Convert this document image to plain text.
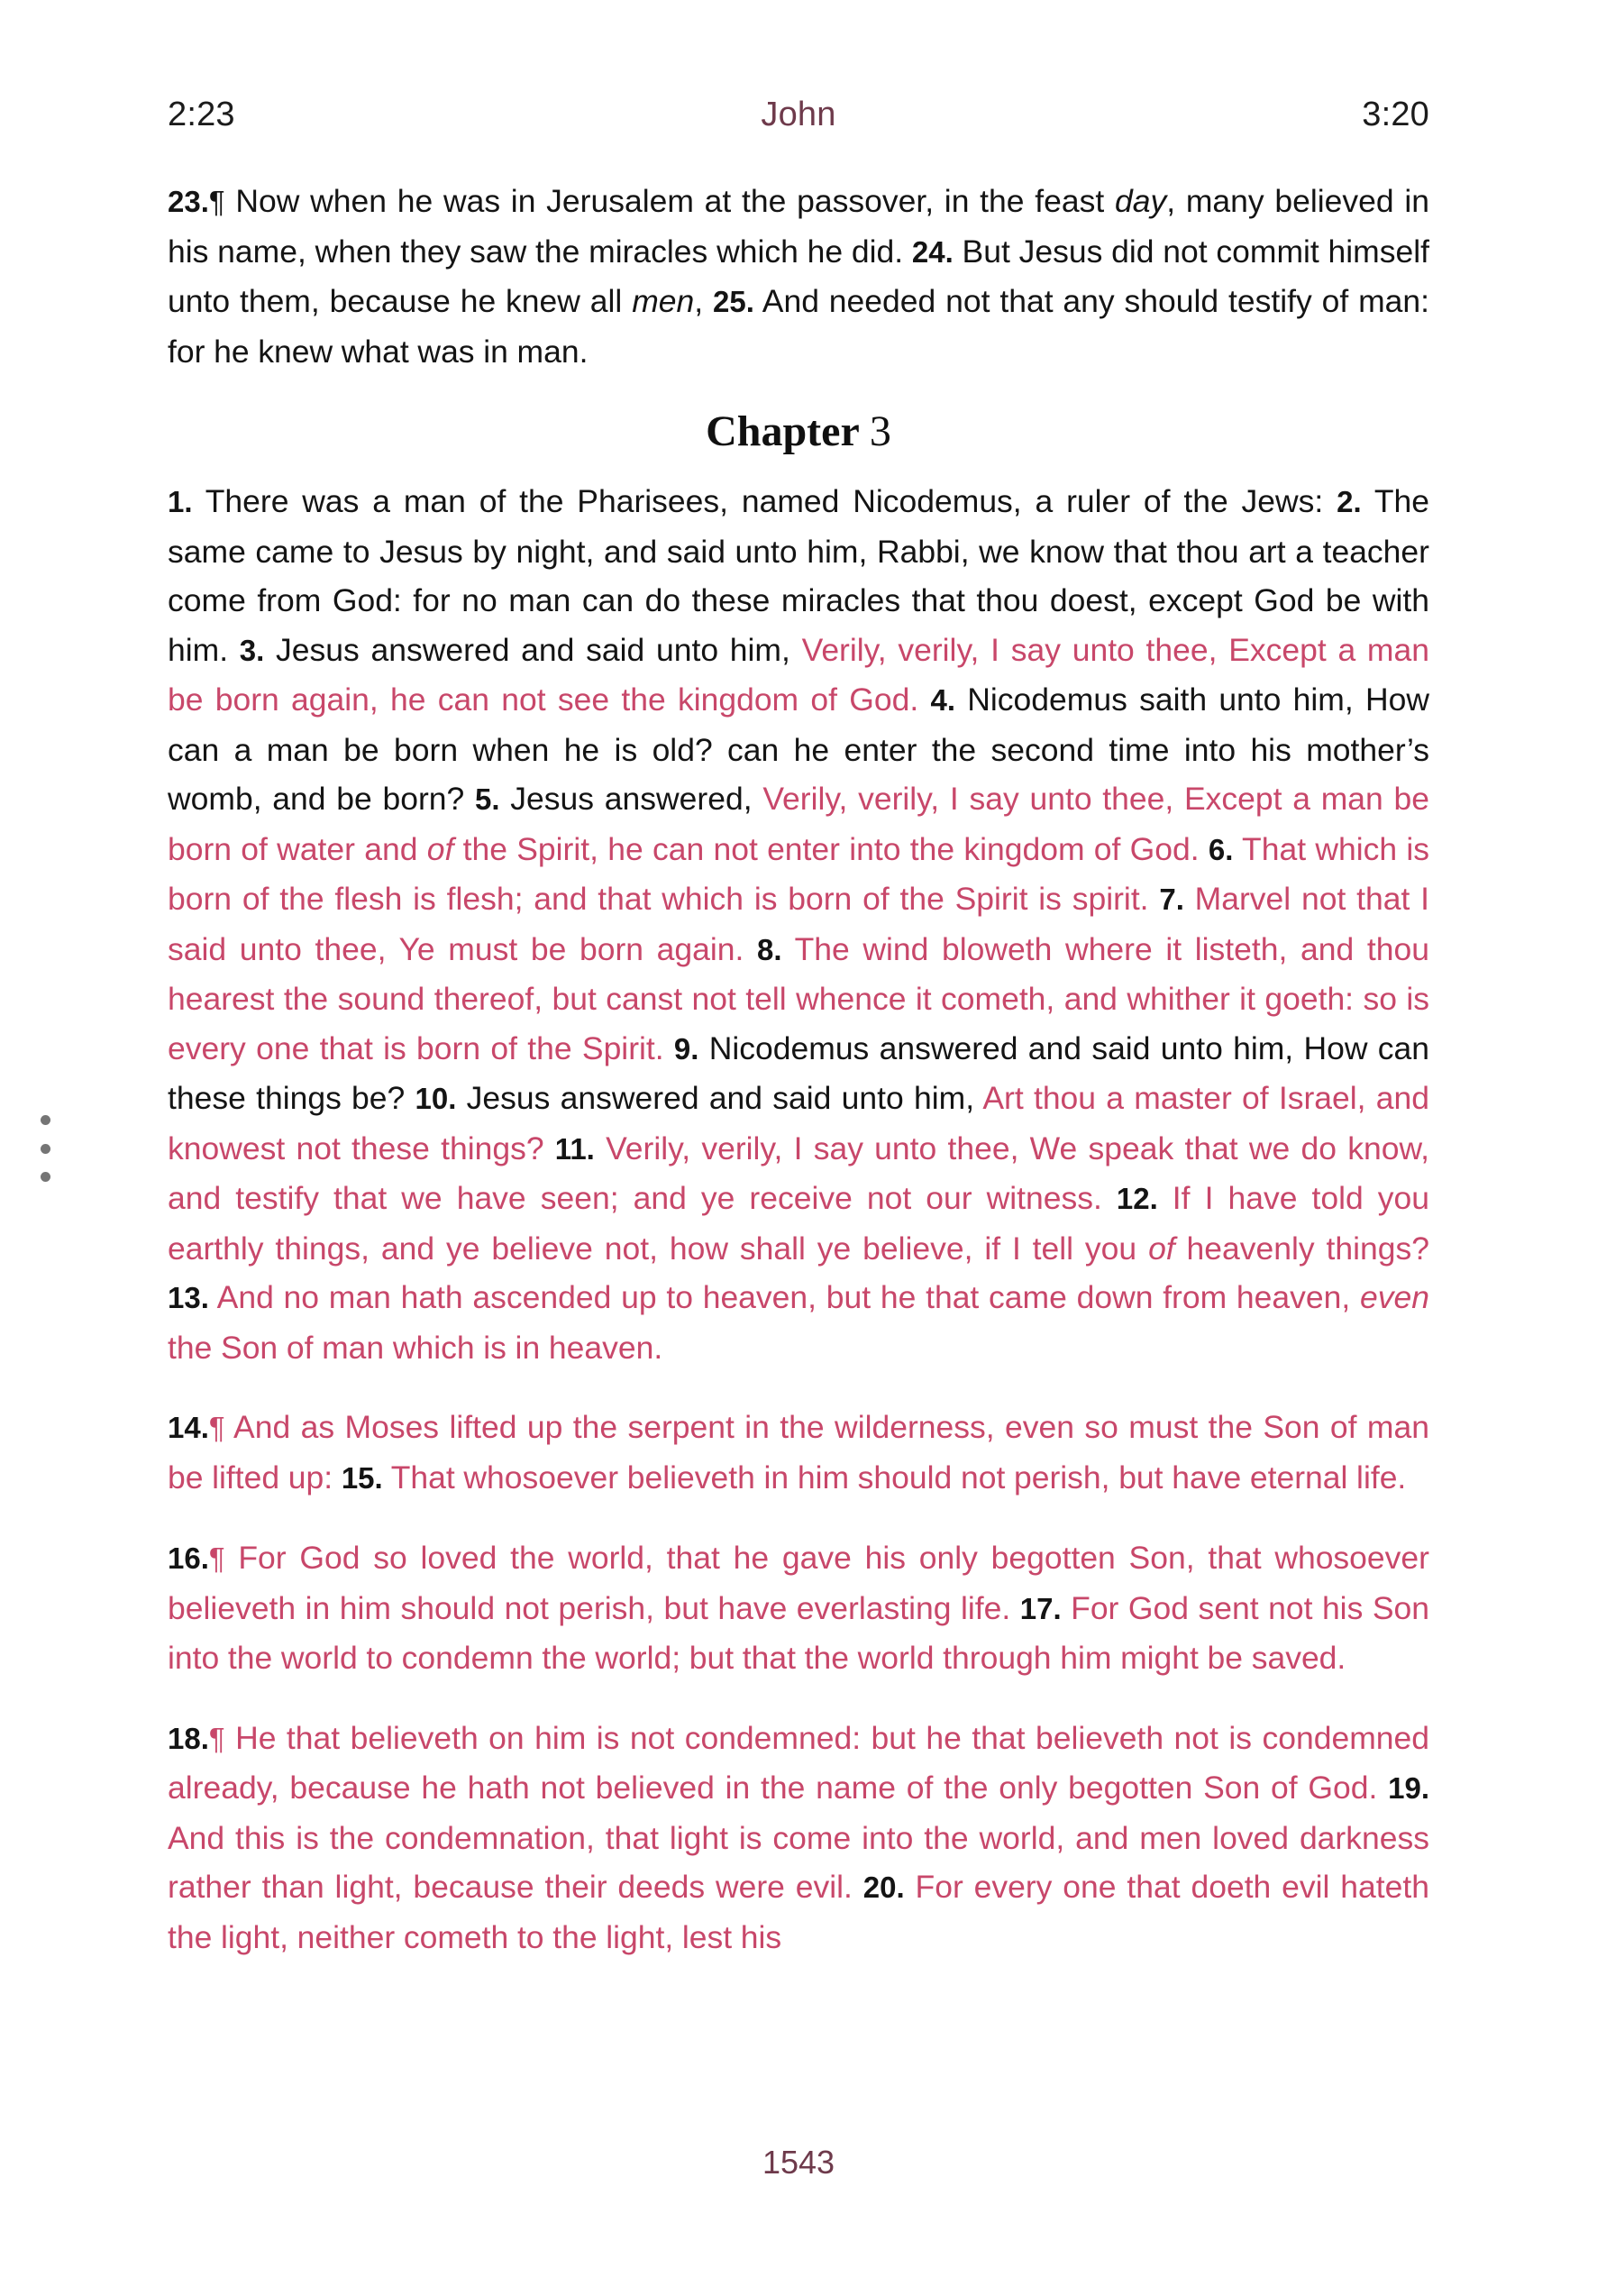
2:23	John	3:20

23.¶ Now when he was in Jerusalem at the passover, in the feast day, many believed in his name, when they saw the miracles which he did. 24. But Jesus did not commit himself unto them, because he knew all men, 25. And needed not that any should testify of man: for he knew what was in man.

Chapter 3

1. There was a man of the Pharisees, named Nicodemus, a ruler of the Jews: 2. The same came to Jesus by night, and said unto him, Rabbi, we know that thou art a teacher come from God: for no man can do these miracles that thou doest, except God be with him. 3. Jesus answered and said unto him, Verily, verily, I say unto thee, Except a man be born again, he can not see the kingdom of God. 4. Nicodemus saith unto him, How can a man be born when he is old? can he enter the second time into his mother’s womb, and be born? 5. Jesus answered, Verily, verily, I say unto thee, Except a man be born of water and of the Spirit, he can not enter into the kingdom of God. 6. That which is born of the flesh is flesh; and that which is born of the Spirit is spirit. 7. Marvel not that I said unto thee, Ye must be born again. 8. The wind bloweth where it listeth, and thou hearest the sound thereof, but canst not tell whence it cometh, and whither it goeth: so is every one that is born of the Spirit. 9. Nicodemus answered and said unto him, How can these things be? 10. Jesus answered and said unto him, Art thou a master of Israel, and knowest not these things? 11. Verily, verily, I say unto thee, We speak that we do know, and testify that we have seen; and ye receive not our witness. 12. If I have told you earthly things, and ye believe not, how shall ye believe, if I tell you of heavenly things? 13. And no man hath ascended up to heaven, but he that came down from heaven, even the Son of man which is in heaven.

14.¶ And as Moses lifted up the serpent in the wilderness, even so must the Son of man be lifted up: 15. That whosoever believeth in him should not perish, but have eternal life.

16.¶ For God so loved the world, that he gave his only begotten Son, that whosoever believeth in him should not perish, but have everlasting life. 17. For God sent not his Son into the world to condemn the world; but that the world through him might be saved.

18.¶ He that believeth on him is not condemned: but he that believeth not is condemned already, because he hath not believed in the name of the only begotten Son of God. 19. And this is the condemnation, that light is come into the world, and men loved darkness rather than light, because their deeds were evil. 20. For every one that doeth evil hateth the light, neither cometh to the light, lest his

1543
